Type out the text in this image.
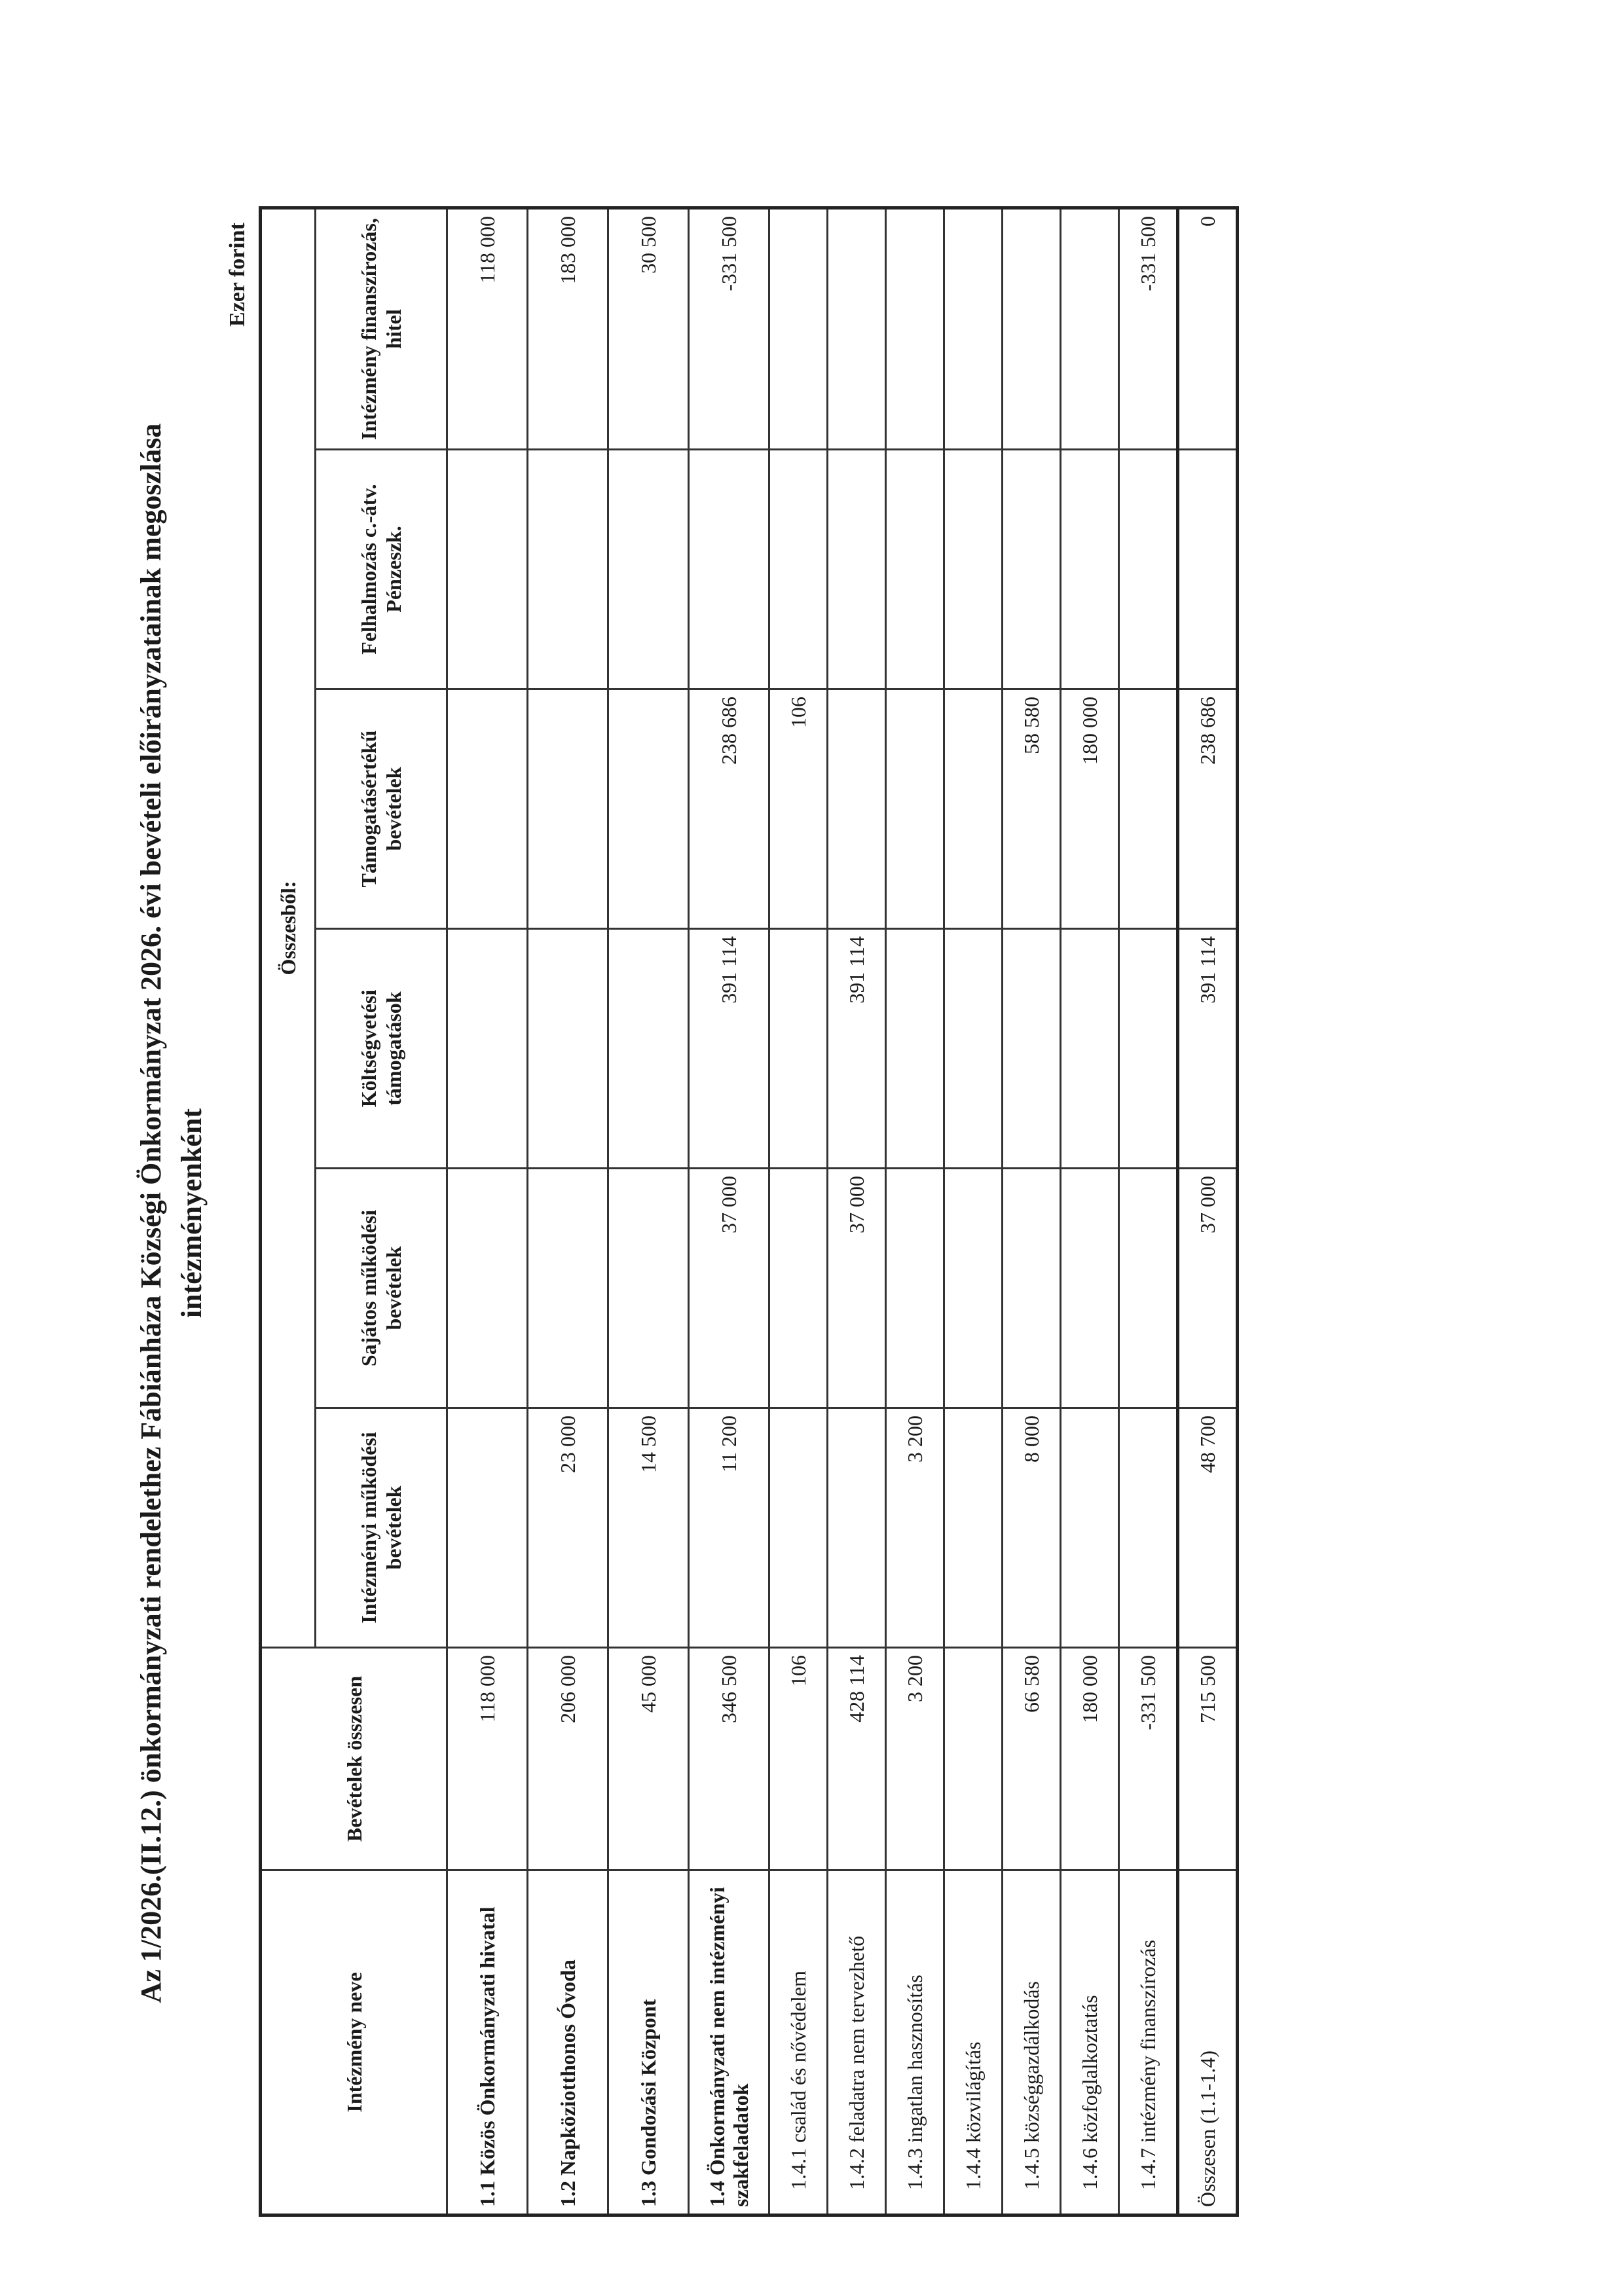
Az 1/2026.(II.12.) önkormányzati rendelethez Fábiánháza Községi Önkormányzat 2026. évi bevételi előirányzatainak megoszlása intézményenként
Ezer forint
Intézmény neve	Bevételek összesen	Összesből:					
		Intézményi működési bevételek	Sajátos működési bevételek	Költségvetési támogatások	Támogatásértékű bevételek	Felhalmozás c.-átv. Pénzeszk.	Intézmény finanszírozás, hitel
1.1 Közös Önkormányzati hivatal	118 000						118 000
1.2 Napköziotthonos Óvoda	206 000	23 000					183 000
1.3 Gondozási Központ	45 000	14 500					30 500
1.4 Önkormányzati nem intézményi szakfeladatok	346 500	11 200	37 000	391 114	238 686		-331 500
1.4.1 család és nővédelem	106				106		
1.4.2 feladatra nem tervezhető	428 114		37 000	391 114			
1.4.3 ingatlan hasznosítás	3 200	3 200					
1.4.4 közvilágítás							
1.4.5 községgazdálkodás	66 580	8 000			58 580		
1.4.6 közfoglalkoztatás	180 000				180 000		
1.4.7 intézmény finanszírozás	-331 500						-331 500
Összesen (1.1-1.4)	715 500	48 700	37 000	391 114	238 686		0
